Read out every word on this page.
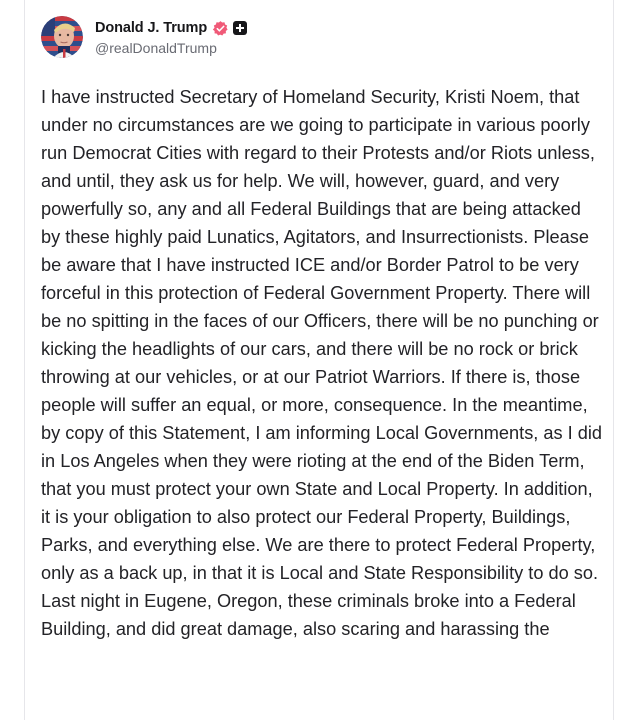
Donald J. Trump
@realDonaldTrump

I have instructed Secretary of Homeland Security, Kristi Noem, that under no circumstances are we going to participate in various poorly run Democrat Cities with regard to their Protests and/or Riots unless, and until, they ask us for help. We will, however, guard, and very powerfully so, any and all Federal Buildings that are being attacked by these highly paid Lunatics, Agitators, and Insurrectionists. Please be aware that I have instructed ICE and/or Border Patrol to be very forceful in this protection of Federal Government Property. There will be no spitting in the faces of our Officers, there will be no punching or kicking the headlights of our cars, and there will be no rock or brick throwing at our vehicles, or at our Patriot Warriors. If there is, those people will suffer an equal, or more, consequence. In the meantime, by copy of this Statement, I am informing Local Governments, as I did in Los Angeles when they were rioting at the end of the Biden Term, that you must protect your own State and Local Property. In addition, it is your obligation to also protect our Federal Property, Buildings, Parks, and everything else. We are there to protect Federal Property, only as a back up, in that it is Local and State Responsibility to do so. Last night in Eugene, Oregon, these criminals broke into a Federal Building, and did great damage, also scaring and harassing the
